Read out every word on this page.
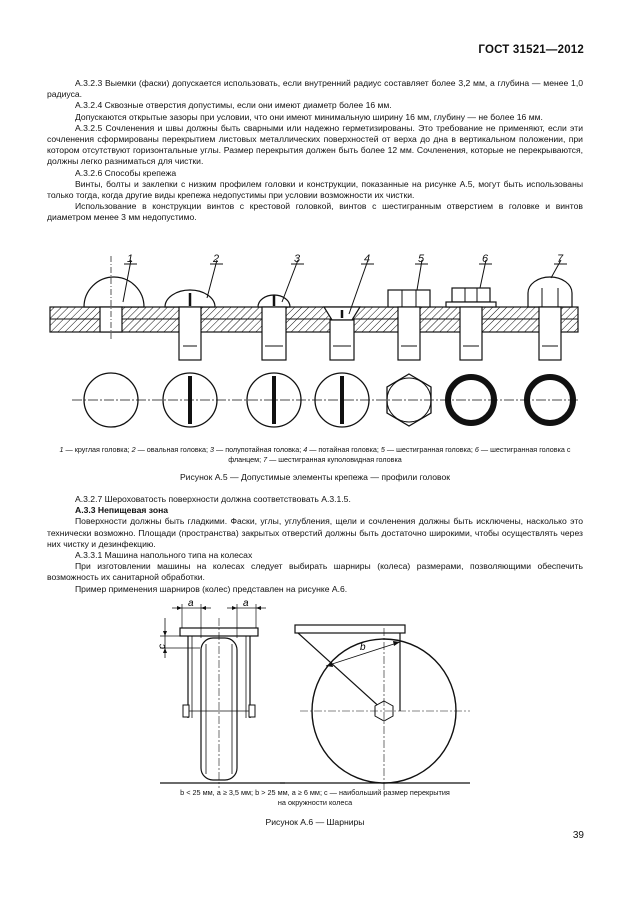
ГОСТ 31521—2012

А.3.2.3 Выемки (фаски) допускается использовать, если внутренний радиус составляет более 3,2 мм, а глубина — менее 1,0 радиуса.

А.3.2.4 Сквозные отверстия допустимы, если они имеют диаметр более 16 мм.

Допускаются открытые зазоры при условии, что они имеют минимальную ширину 16 мм, глубину — не более 16 мм.

А.3.2.5 Сочленения и швы должны быть сварными или надежно герметизированы. Это требование не применяют, если эти сочленения сформированы перекрытием листовых металлических поверхностей от верха до дна в вертикальном положении, при котором отсутствуют горизонтальные углы. Размер перекрытия должен быть более 12 мм. Сочленения, которые не перекрываются, должны легко разниматься для чистки.

А.3.2.6 Способы крепежа

Винты, болты и заклепки с низким профилем головки и конструкции, показанные на рисунке А.5, могут быть использованы только тогда, когда другие виды крепежа недопустимы при условии возможности их чистки.

Использование в конструкции винтов с крестовой головкой, винтов с шестигранным отверстием в головке и винтов диаметром менее 3 мм недопустимо.

1	2	3	4	5	6	7
1 — круглая головка; 2 — овальная головка; 3 — полупотайная головка; 4 — потайная головка; 5 — шестигранная головка; 6 — шестигранная головка с фланцем; 7 — шестигранная куполовидная головка
Рисунок А.5 — Допустимые элементы крепежа — профили головок

А.3.2.7 Шероховатость поверхности должна соответствовать А.3.1.5.

А.3.3 Непищевая зона

Поверхности должны быть гладкими. Фаски, углы, углубления, щели и сочленения должны быть исключены, насколько это технически возможно. Площади (пространства) закрытых отверстий должны быть достаточно широкими, чтобы осуществлять через них чистку и дезинфекцию.

А.3.3.1 Машина напольного типа на колесах

При изготовлении машины на колесах следует выбирать шарниры (колеса) размерами, позволяющими обеспечить возможность их санитарной обработки.

Пример применения шарниров (колес) представлен на рисунке А.6.

a	a
c	b
b < 25 мм, a ≥ 3,5 мм; b > 25 мм, a ≥ 6 мм; c — наибольший размер перекрытия
на окружности колеса
Рисунок А.6 — Шарниры
39
